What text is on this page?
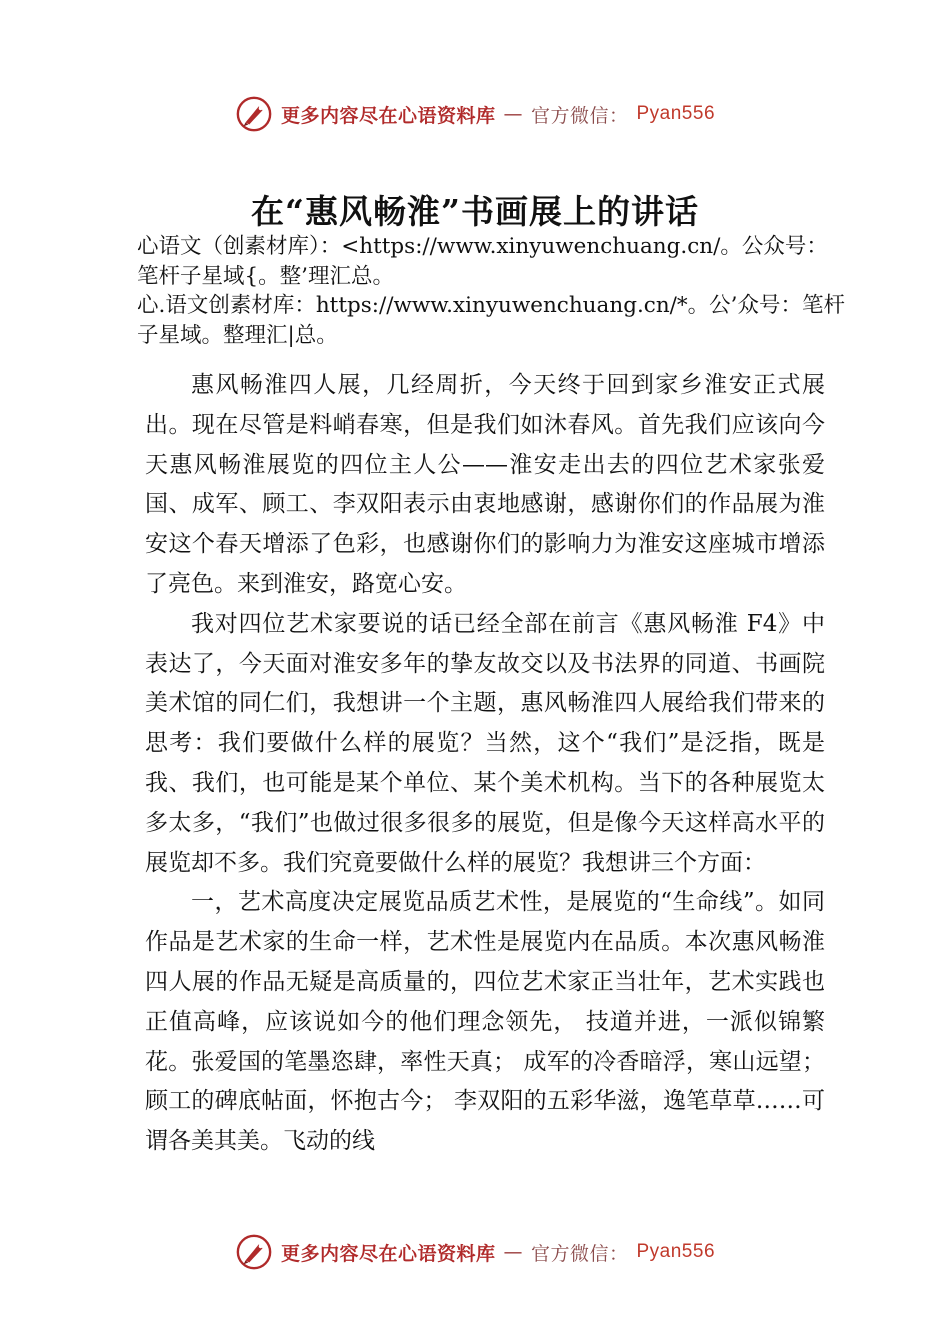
更多内容尽在心语资料库 — 官方微信： Pyan556
在“惠风畅淮”书画展上的讲话

心语文（创素材库）：<https://www.xinyuwenchuang.cn/。公众号：笔杆子星域{。整’理汇总。

心.语文创素材库：https://www.xinyuwenchuang.cn/*。公’众号：笔杆子星域。整理汇|总。

惠风畅淮四人展，几经周折，今天终于回到家乡淮安正式展出。现在尽管是料峭春寒，但是我们如沐春风。首先我们应该向今天惠风畅淮展览的四位主人公——淮安走出去的四位艺术家张爱国、成军、顾工、李双阳表示由衷地感谢，感谢你们的作品展为淮安这个春天增添了色彩，也感谢你们的影响力为淮安这座城市增添了亮色。来到淮安，路宽心安。

我对四位艺术家要说的话已经全部在前言《惠风畅淮 F4》中表达了，今天面对淮安多年的挚友故交以及书法界的同道、书画院美术馆的同仁们，我想讲一个主题，惠风畅淮四人展给我们带来的思考：我们要做什么样的展览？当然，这个“我们”是泛指，既是我、我们，也可能是某个单位、某个美术机构。当下的各种展览太多太多，“我们”也做过很多很多的展览，但是像今天这样高水平的展览却不多。我们究竟要做什么样的展览？我想讲三个方面：

一，艺术高度决定展览品质艺术性，是展览的“生命线”。如同作品是艺术家的生命一样，艺术性是展览内在品质。本次惠风畅淮四人展的作品无疑是高质量的，四位艺术家正当壮年，艺术实践也正值高峰，应该说如今的他们理念领先， 技道并进，一派似锦繁花。张爱国的笔墨恣肆，率性天真； 成军的冷香暗浮，寒山远望；顾工的碑底帖面，怀抱古今； 李双阳的五彩华滋，逸笔草草……可谓各美其美。飞动的线

更多内容尽在心语资料库 — 官方微信： Pyan556
